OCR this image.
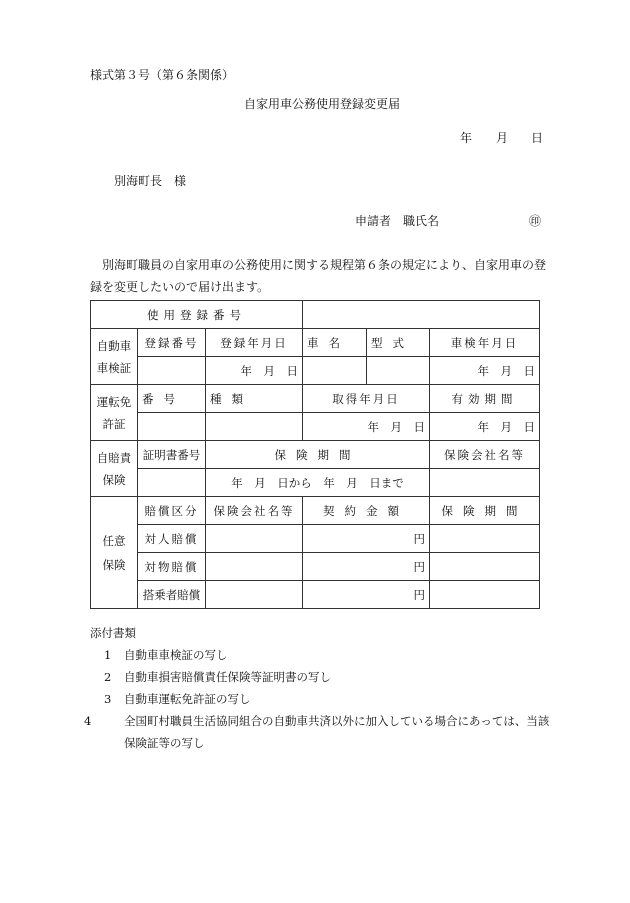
様式第３号（第６条関係）
自家用車公務使用登録変更届
年 月 日
別海町長　様
申請者　職氏名	㊞
別海町職員の自家用車の公務使用に関する規程第６条の規定により、自家用車の登録を変更したいので届け出ます。
使用登録番号					
自動車車検証	登録番号	登録年月日	車名	型式	車検年月日
		年　月　日			年　月　日
運転免許証	番号	種類	取得年月日		有効期間
			年　月　日		年　月　日
自賠責保険	証明書番号	保険期間			保険会社名等
		年　月　日から　年　月　日まで			
任意保険	賠償区分	保険会社名等	契約金額		保険期間
	対人賠償		円		
	対物賠償		円		
	搭乗者賠償		円		
添付書類
1 自動車車検証の写し
2 自動車損害賠償責任保険等証明書の写し
3 自動車運転免許証の写し
4	全国町村職員生活協同組合の自動車共済以外に加入している場合にあっては、当該保険証等の写し
